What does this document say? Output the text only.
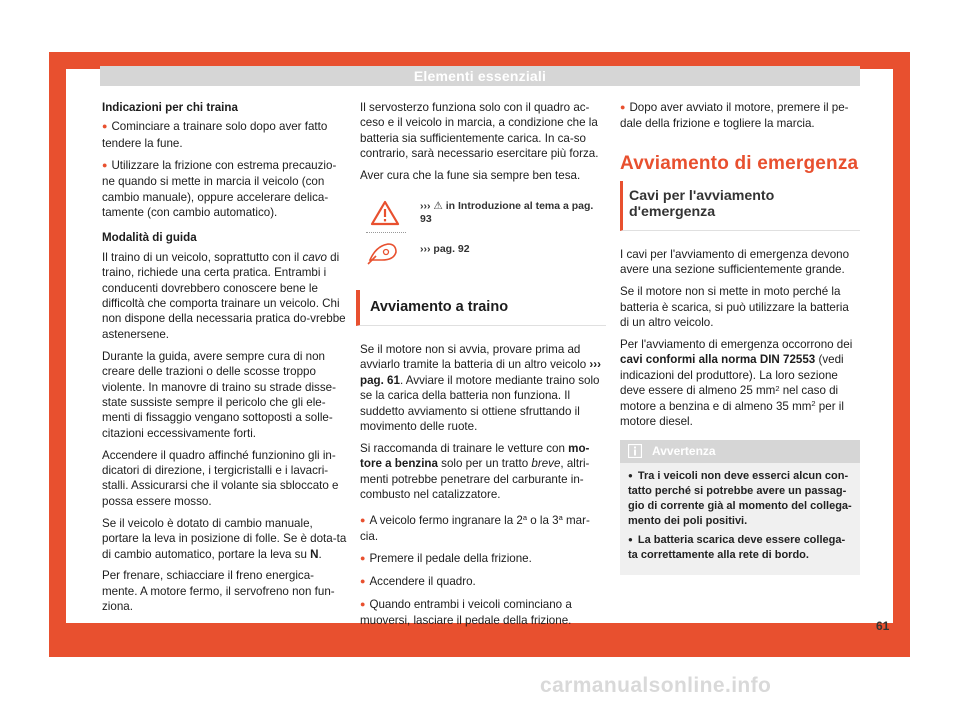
Elementi essenziali

Indicazioni per chi traina

● Cominciare a trainare solo dopo aver fatto tendere la fune.

● Utilizzare la frizione con estrema precauzio-ne quando si mette in marcia il veicolo (con cambio manuale), oppure accelerare delica-tamente (con cambio automatico).

Modalità di guida

Il traino di un veicolo, soprattutto con il cavo di traino, richiede una certa pratica. Entrambi i conducenti dovrebbero conoscere bene le difficoltà che comporta trainare un veicolo. Chi non dispone della necessaria pratica do-vrebbe astenersene.

Durante la guida, avere sempre cura di non creare delle trazioni o delle scosse troppo violente. In manovre di traino su strade disse-state sussiste sempre il pericolo che gli ele-menti di fissaggio vengano sottoposti a solle-citazioni eccessivamente forti.

Accendere il quadro affinché funzionino gli in-dicatori di direzione, i tergicristalli e i lavacri-stalli. Assicurarsi che il volante sia sbloccato e possa essere mosso.

Se il veicolo è dotato di cambio manuale, portare la leva in posizione di folle. Se è dota-ta di cambio automatico, portare la leva su N.

Per frenare, schiacciare il freno energica-mente. A motore fermo, il servofreno non fun-ziona.

Il servosterzo funziona solo con il quadro ac-ceso e il veicolo in marcia, a condizione che la batteria sia sufficientemente carica. In ca-so contrario, sarà necessario esercitare più forza.

Aver cura che la fune sia sempre ben tesa.

››› ⚠ in Introduzione al tema a pag. 93
››› pag. 92
Avviamento a traino

Se il motore non si avvia, provare prima ad avviarlo tramite la batteria di un altro veicolo ››› pag. 61. Avviare il motore mediante traino solo se la carica della batteria non funziona. Il suddetto avviamento si ottiene sfruttando il movimento delle ruote.

Si raccomanda di trainare le vetture con mo-tore a benzina solo per un tratto breve, altri-menti potrebbe penetrare del carburante in-combusto nel catalizzatore.

● A veicolo fermo ingranare la 2$^a$ o la 3$^a$ mar-cia.

● Premere il pedale della frizione.

● Accendere il quadro.

● Quando entrambi i veicoli cominciano a muoversi, lasciare il pedale della frizione.

● Dopo aver avviato il motore, premere il pe-dale della frizione e togliere la marcia.

Avviamento di emergenza
Cavi per l'avviamento d'emergenza

I cavi per l'avviamento di emergenza devono avere una sezione sufficientemente grande.

Se il motore non si mette in moto perché la batteria è scarica, si può utilizzare la batteria di un altro veicolo.

Per l'avviamento di emergenza occorrono dei cavi conformi alla norma DIN 72553 (vedi indicazioni del produttore). La loro sezione deve essere di almeno 25 $mm^2$ nel caso di motore a benzina e di almeno 35 $mm^2$ per il motore diesel.

Avvertenza

● Tra i veicoli non deve esserci alcun con-tatto perché si potrebbe avere un passag-gio di corrente già al momento del collega-mento dei poli positivi.

● La batteria scarica deve essere collega-ta correttamente alla rete di bordo.

61
carmanualsonline.info
